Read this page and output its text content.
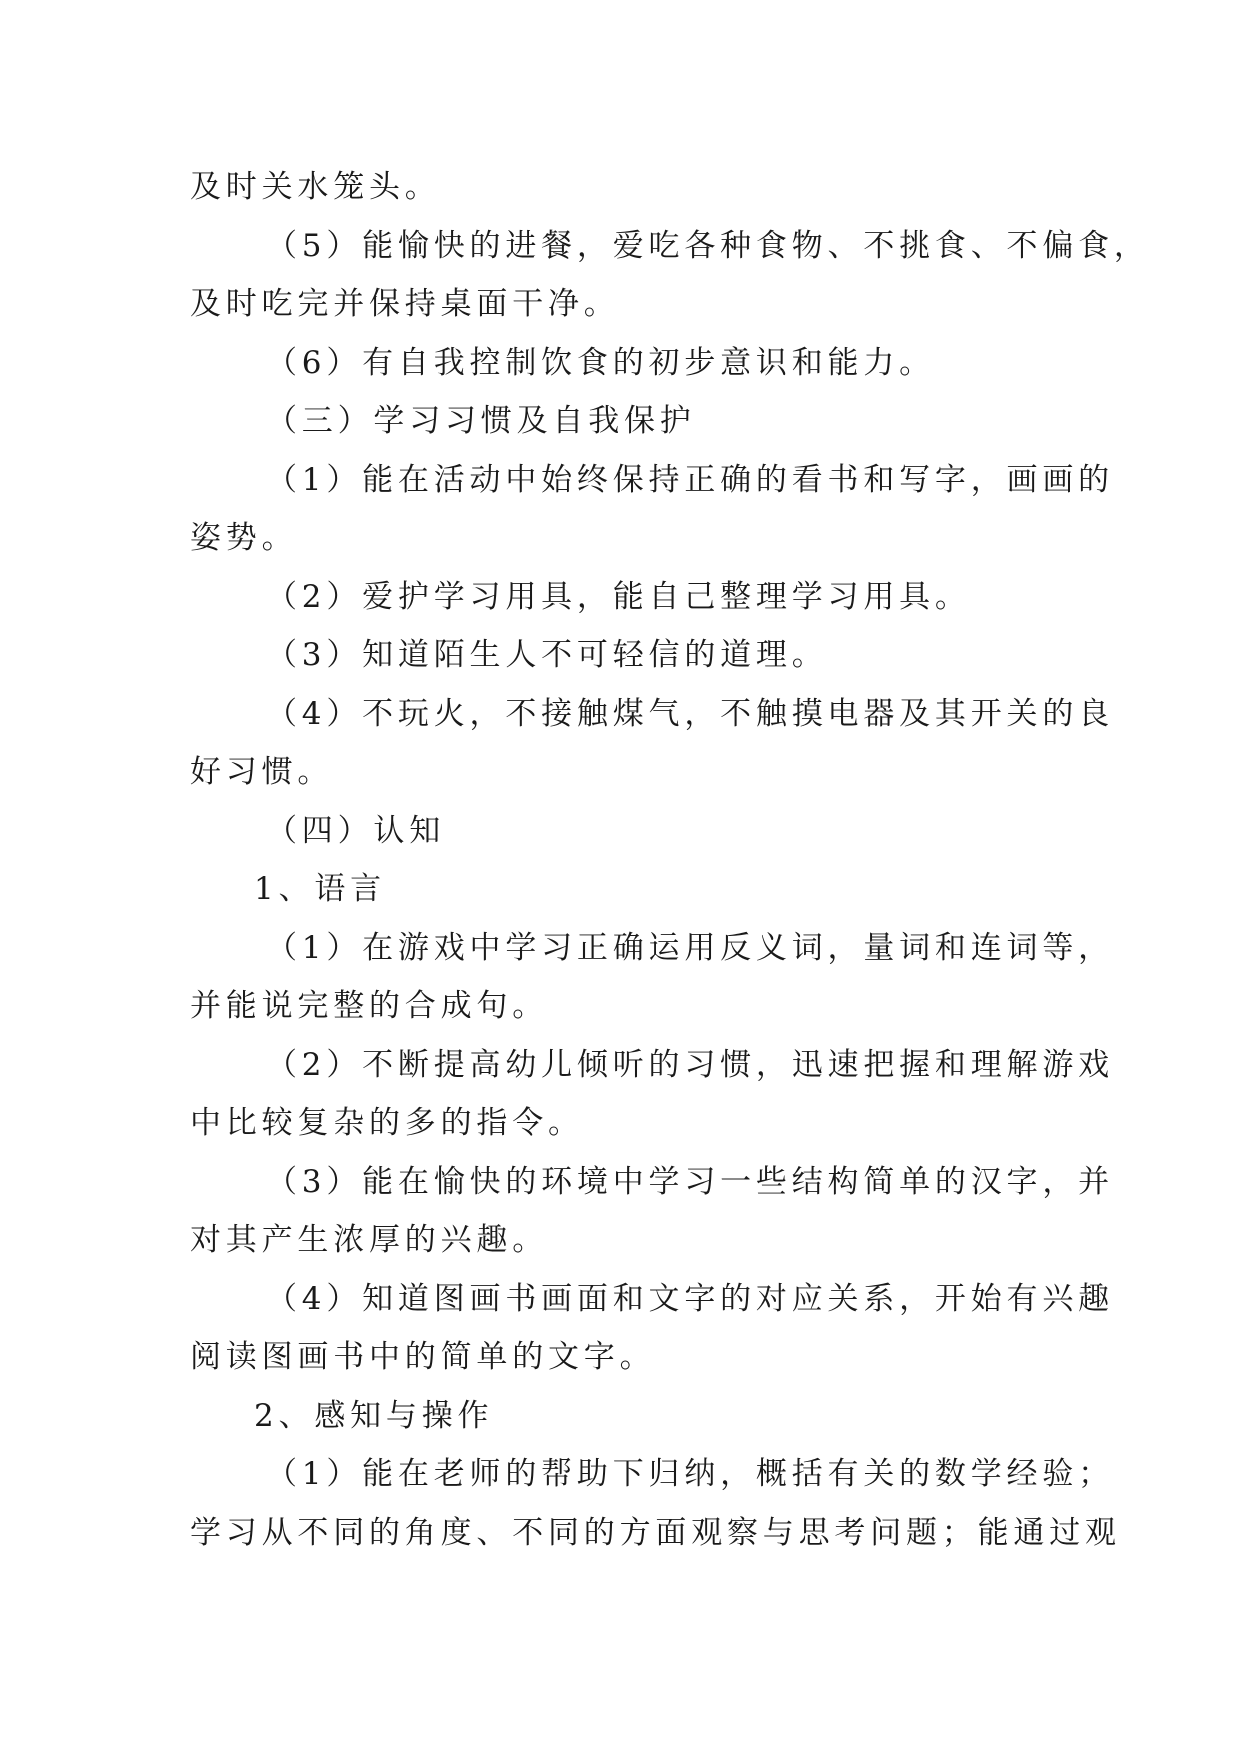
及时关水笼头。
（5）能愉快的进餐，爱吃各种食物、不挑食、不偏食，
及时吃完并保持桌面干净。
（6）有自我控制饮食的初步意识和能力。
（三）学习习惯及自我保护
（1）能在活动中始终保持正确的看书和写字，画画的
姿势。
（2）爱护学习用具，能自己整理学习用具。
（3）知道陌生人不可轻信的道理。
（4）不玩火，不接触煤气，不触摸电器及其开关的良
好习惯。
（四）认知
1、语言
（1）在游戏中学习正确运用反义词，量词和连词等，
并能说完整的合成句。
（2）不断提高幼儿倾听的习惯，迅速把握和理解游戏
中比较复杂的多的指令。
（3）能在愉快的环境中学习一些结构简单的汉字，并
对其产生浓厚的兴趣。
（4）知道图画书画面和文字的对应关系，开始有兴趣
阅读图画书中的简单的文字。
2、感知与操作
（1）能在老师的帮助下归纳，概括有关的数学经验；
学习从不同的角度、不同的方面观察与思考问题；能通过观
